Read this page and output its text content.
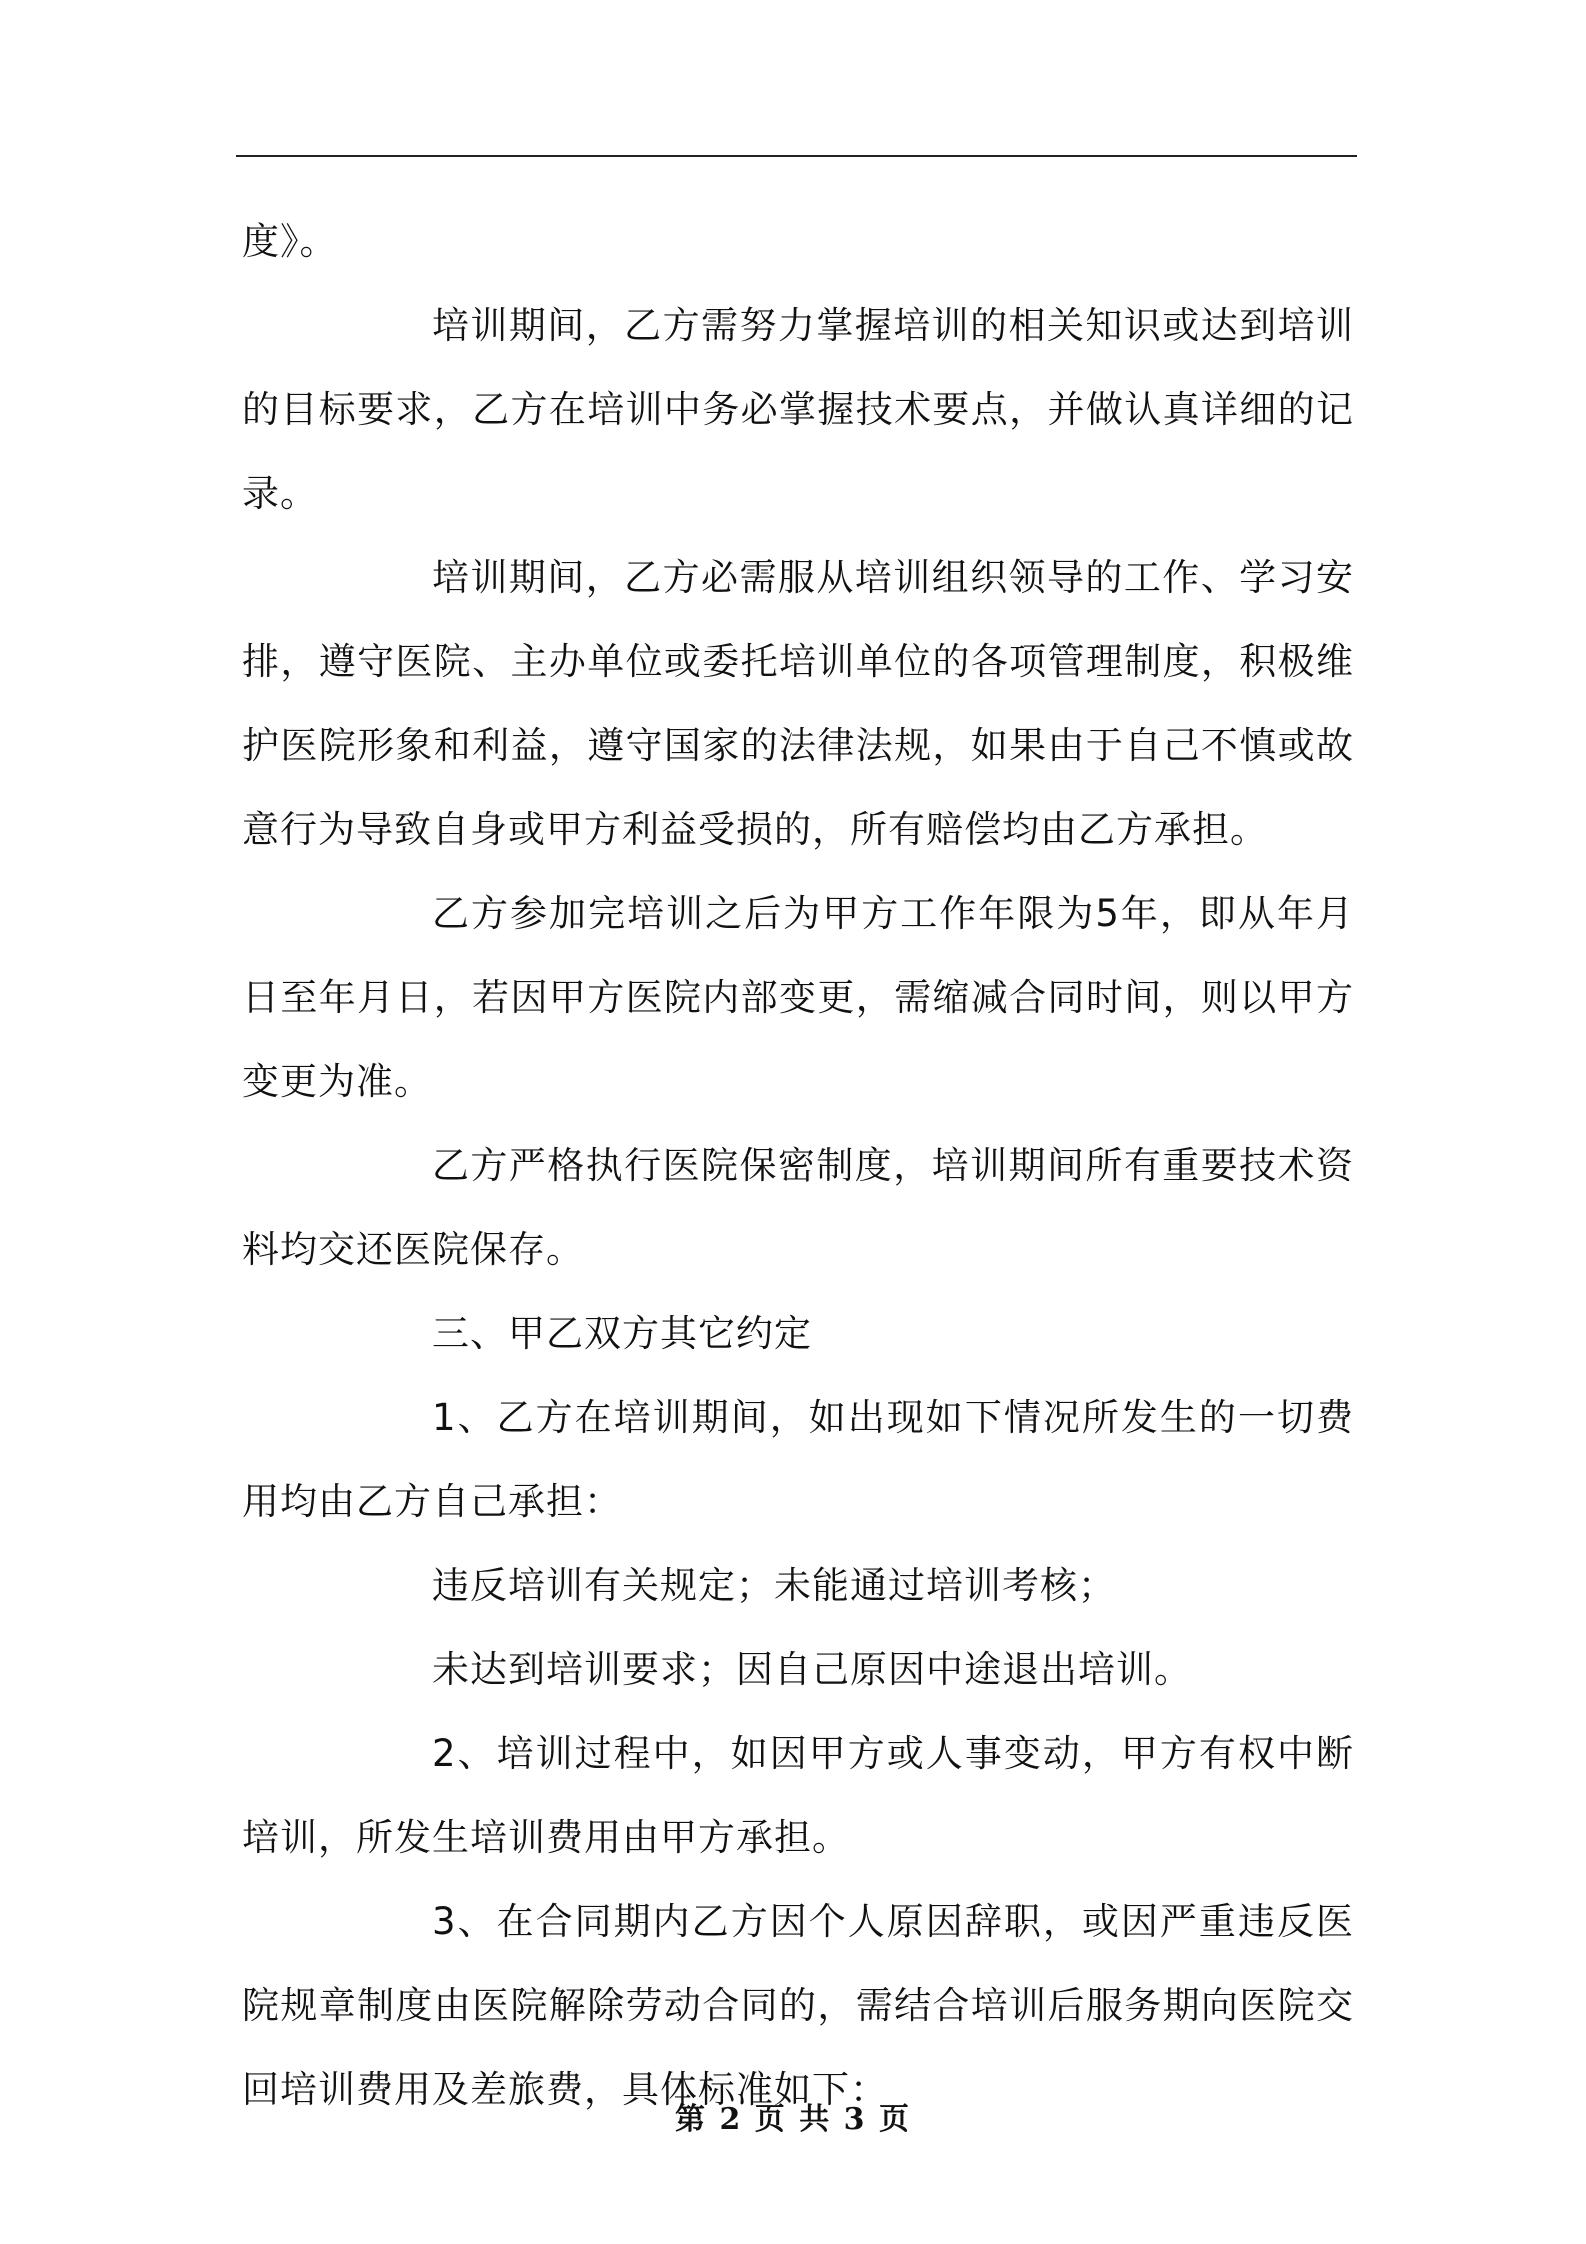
度》。

培训期间，乙方需努力掌握培训的相关知识或达到培训的目标要求，乙方在培训中务必掌握技术要点，并做认真详细的记录。

培训期间，乙方必需服从培训组织领导的工作、学习安排，遵守医院、主办单位或委托培训单位的各项管理制度，积极维护医院形象和利益，遵守国家的法律法规，如果由于自己不慎或故意行为导致自身或甲方利益受损的，所有赔偿均由乙方承担。

乙方参加完培训之后为甲方工作年限为5年，即从年月日至年月日，若因甲方医院内部变更，需缩减合同时间，则以甲方变更为准。

乙方严格执行医院保密制度，培训期间所有重要技术资料均交还医院保存。

三、甲乙双方其它约定

1、乙方在培训期间，如出现如下情况所发生的一切费用均由乙方自己承担：

违反培训有关规定；未能通过培训考核；

未达到培训要求；因自己原因中途退出培训。

2、培训过程中，如因甲方或人事变动，甲方有权中断培训，所发生培训费用由甲方承担。

3、在合同期内乙方因个人原因辞职，或因严重违反医院规章制度由医院解除劳动合同的，需结合培训后服务期向医院交回培训费用及差旅费，具体标准如下：

第 2 页 共 3 页
